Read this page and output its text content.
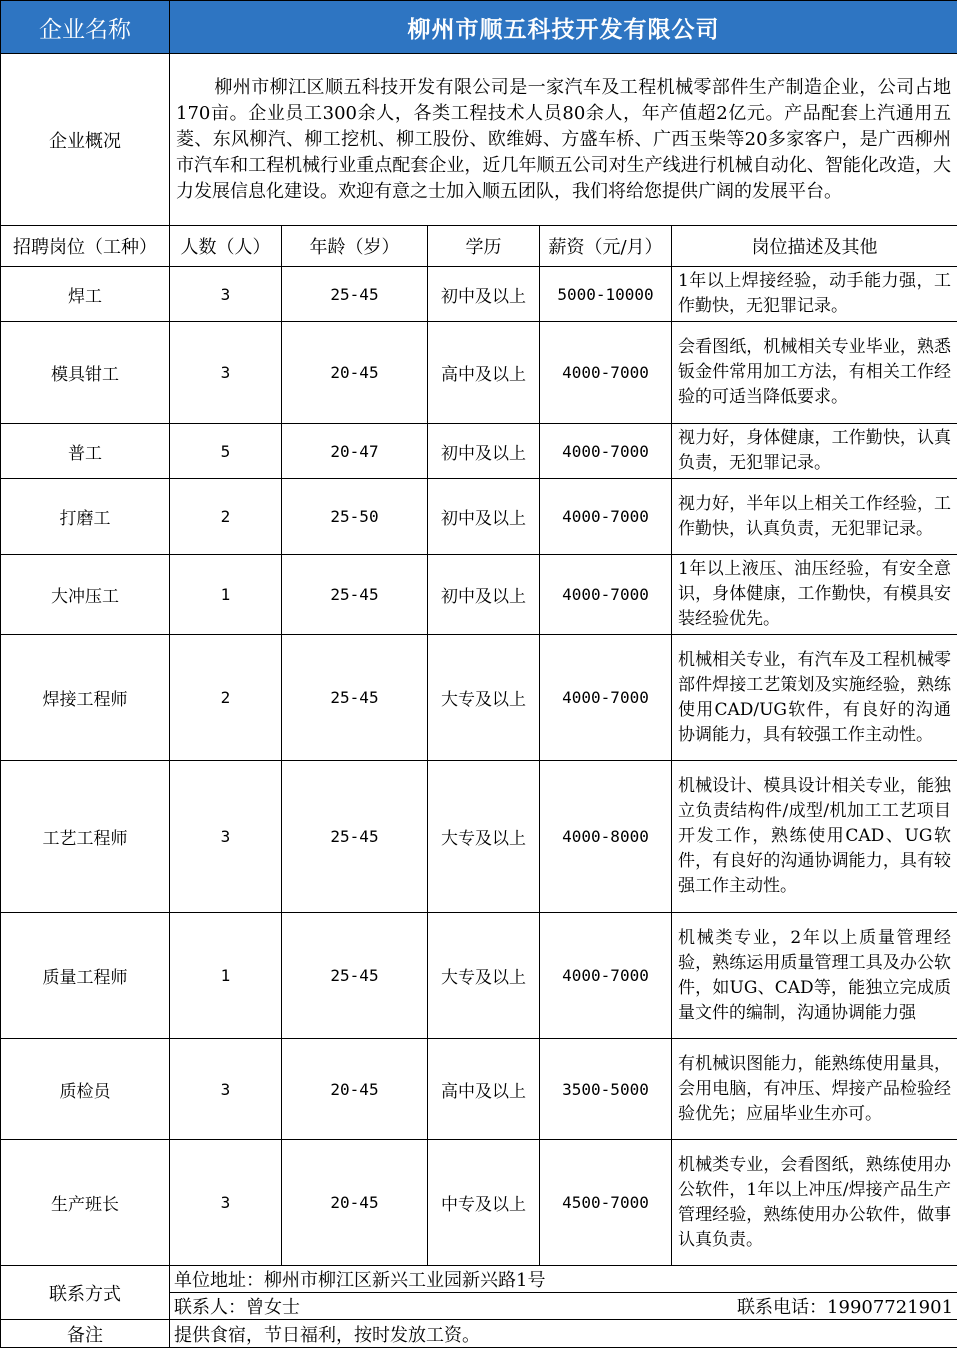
企业名称	柳州市顺五科技开发有限公司				
企业概况	柳州市柳江区顺五科技开发有限公司是一家汽车及工程机械零部件生产制造企业，公司占地170亩。企业员工300余人，各类工程技术人员80余人，年产值超2亿元。产品配套上汽通用五菱、东风柳汽、柳工挖机、柳工股份、欧维姆、方盛车桥、广西玉柴等20多家客户，是广西柳州市汽车和工程机械行业重点配套企业，近几年顺五公司对生产线进行机械自动化、智能化改造，大力发展信息化建设。欢迎有意之士加入顺五团队，我们将给您提供广阔的发展平台。				
招聘岗位（工种）	人数（人）	年龄（岁）	学历	薪资（元/月）	岗位描述及其他
焊工	3	25-45	初中及以上	5000-10000	1年以上焊接经验，动手能力强，工作勤快，无犯罪记录。
模具钳工	3	20-45	高中及以上	4000-7000	会看图纸，机械相关专业毕业，熟悉钣金件常用加工方法，有相关工作经验的可适当降低要求。
普工	5	20-47	初中及以上	4000-7000	视力好，身体健康，工作勤快，认真负责，无犯罪记录。
打磨工	2	25-50	初中及以上	4000-7000	视力好，半年以上相关工作经验，工作勤快，认真负责，无犯罪记录。
大冲压工	1	25-45	初中及以上	4000-7000	1年以上液压、油压经验，有安全意识，身体健康，工作勤快，有模具安装经验优先。
焊接工程师	2	25-45	大专及以上	4000-7000	机械相关专业，有汽车及工程机械零部件焊接工艺策划及实施经验，熟练使用CAD/UG软件，有良好的沟通协调能力，具有较强工作主动性。
工艺工程师	3	25-45	大专及以上	4000-8000	机械设计、模具设计相关专业，能独立负责结构件/成型/机加工工艺项目开发工作，熟练使用CAD、UG软件，有良好的沟通协调能力，具有较强工作主动性。
质量工程师	1	25-45	大专及以上	4000-7000	机械类专业，2年以上质量管理经验，熟练运用质量管理工具及办公软件，如UG、CAD等，能独立完成质量文件的编制，沟通协调能力强
质检员	3	20-45	高中及以上	3500-5000	有机械识图能力，能熟练使用量具，会用电脑，有冲压、焊接产品检验经验优先；应届毕业生亦可。
生产班长	3	20-45	中专及以上	4500-7000	机械类专业，会看图纸，熟练使用办公软件，1年以上冲压/焊接产品生产管理经验，熟练使用办公软件，做事认真负责。
联系方式	单位地址：柳州市柳江区新兴工业园新兴路1号				

	联系人：曾女士 联系电话：19907721901				

备注	提供食宿，节日福利，按时发放工资。				
